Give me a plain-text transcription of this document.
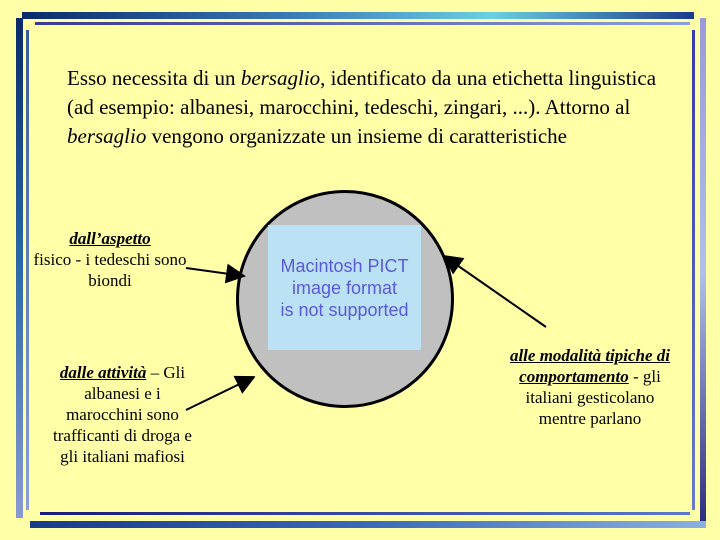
Esso necessita di un bersaglio, identificato da una etichetta linguistica (ad esempio: albanesi, marocchini, tedeschi, zingari, ...). Attorno al bersaglio vengono organizzate un insieme di caratteristiche
Macintosh PICT
image format
is not supported
dall’aspetto
fisico - i tedeschi sono biondi
dalle attività – Gli albanesi e i marocchini sono trafficanti di droga e gli italiani mafiosi
alle modalità tipiche di comportamento - gli italiani gesticolano mentre parlano
